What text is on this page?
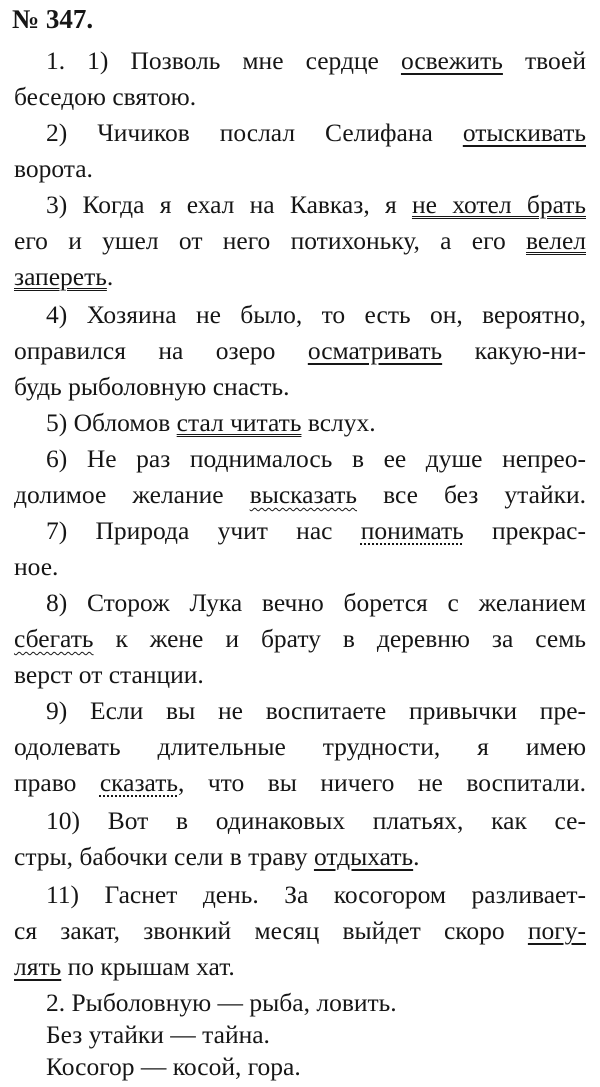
№ 347.
1. 1) Позволь мне сердце освежить твоей
беседою святою.
2) Чичиков послал Селифана отыскивать
ворота.
3) Когда я ехал на Кавказ, я не хотел брать
его и ушел от него потихоньку, а его велел
запереть.
4) Хозяина не было, то есть он, вероятно,
оправился на озеро осматривать какую-ни-
будь рыболовную снасть.
5) Обломов стал читать вслух.
6) Не раз поднималось в ее душе непрео-
долимое желание высказать все без утайки.
7) Природа учит нас понимать прекрас-
ное.
8) Сторож Лука вечно борется с желанием
сбегать к жене и брату в деревню за семь
верст от станции.
9) Если вы не воспитаете привычки пре-
одолевать длительные трудности, я имею
право сказать, что вы ничего не воспитали.
10) Вот в одинаковых платьях, как се-
стры, бабочки сели в траву отдыхать.
11) Гаснет день. За косогором разливает-
ся закат, звонкий месяц выйдет скоро погу-
лять по крышам хат.
2. Рыболовную — рыба, ловить.
Без утайки — тайна.
Косогор — косой, гора.
